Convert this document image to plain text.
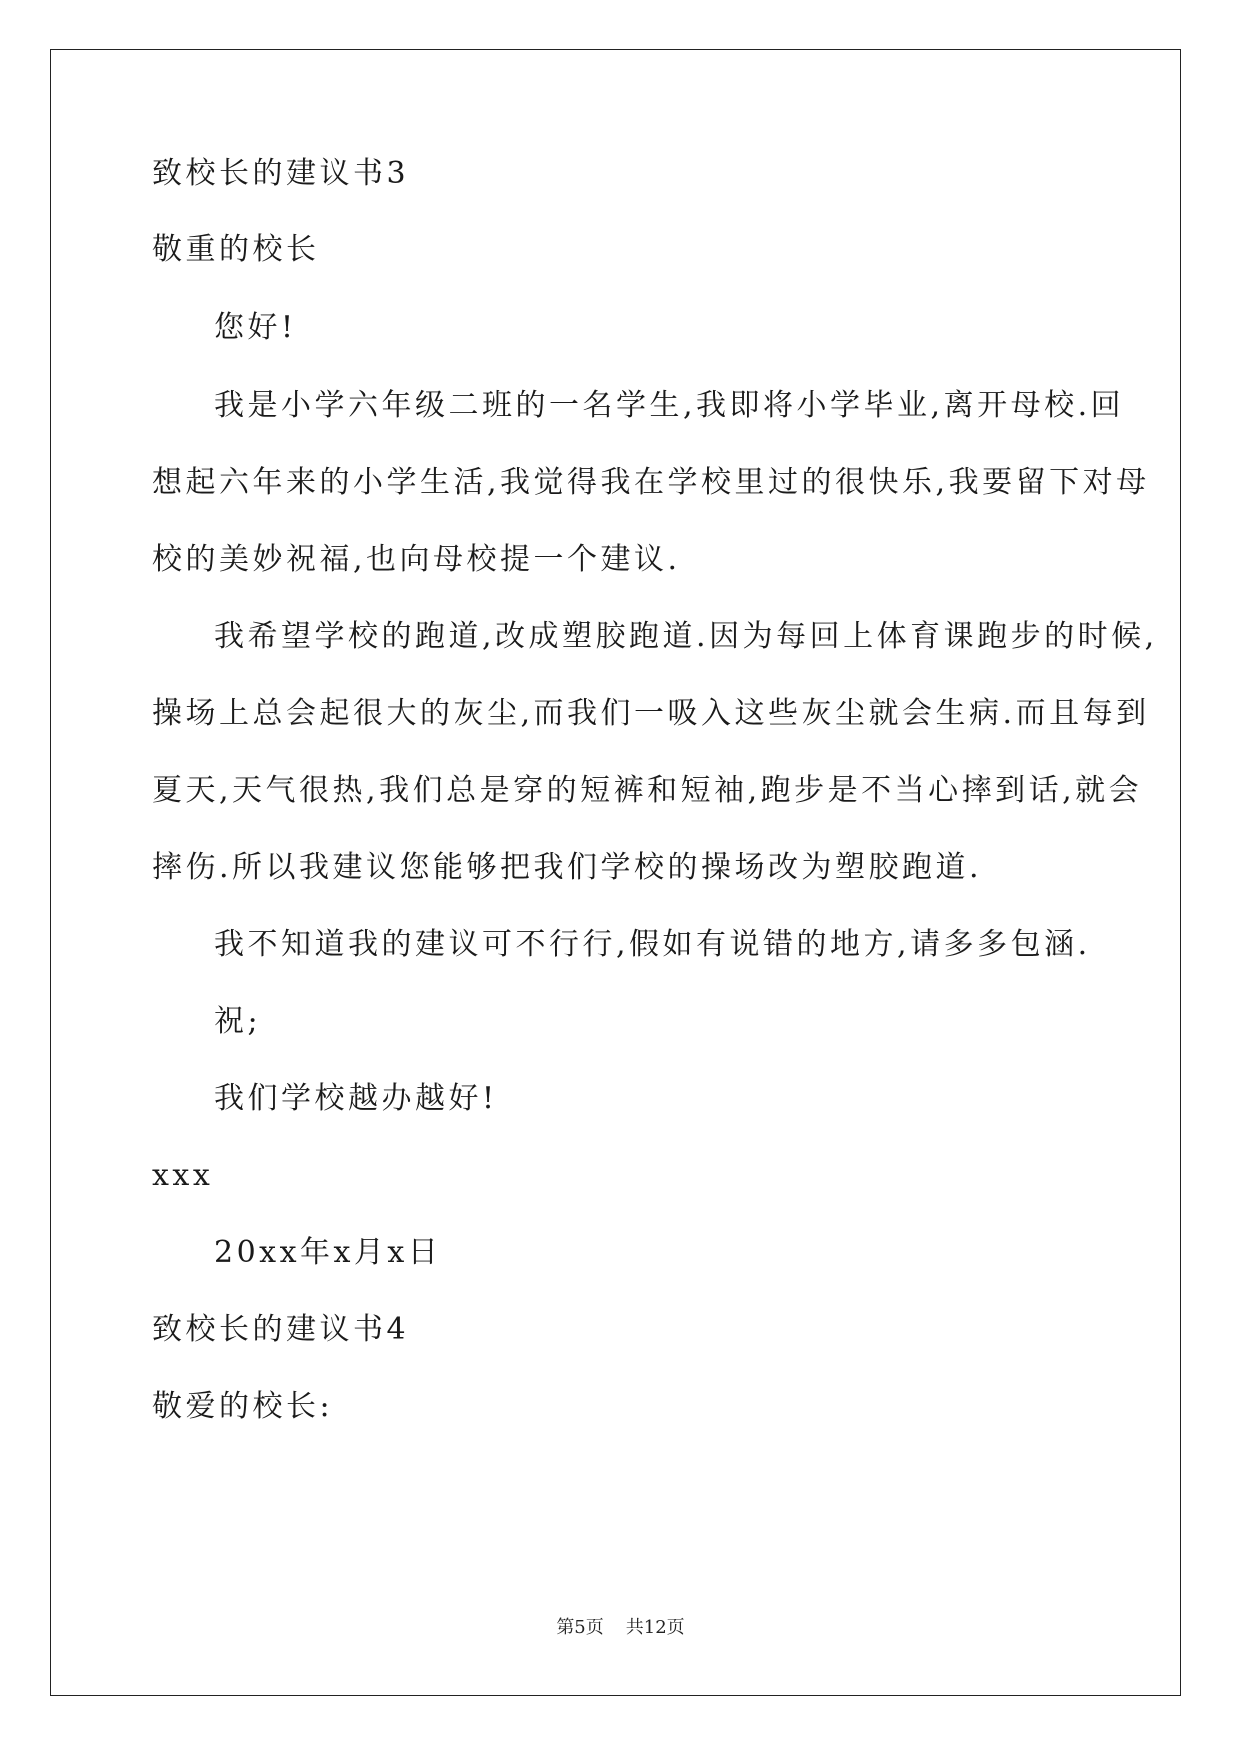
致校长的建议书3
敬重的校长
您好!
我是小学六年级二班的一名学生,我即将小学毕业,离开母校.回
想起六年来的小学生活,我觉得我在学校里过的很快乐,我要留下对母
校的美妙祝福,也向母校提一个建议.
我希望学校的跑道,改成塑胶跑道.因为每回上体育课跑步的时候,
操场上总会起很大的灰尘,而我们一吸入这些灰尘就会生病.而且每到
夏天,天气很热,我们总是穿的短裤和短袖,跑步是不当心摔到话,就会
摔伤.所以我建议您能够把我们学校的操场改为塑胶跑道.
我不知道我的建议可不行行,假如有说错的地方,请多多包涵.
祝;
我们学校越办越好!
xxx
20xx年x月x日
致校长的建议书4
敬爱的校长:
第5页 共12页
